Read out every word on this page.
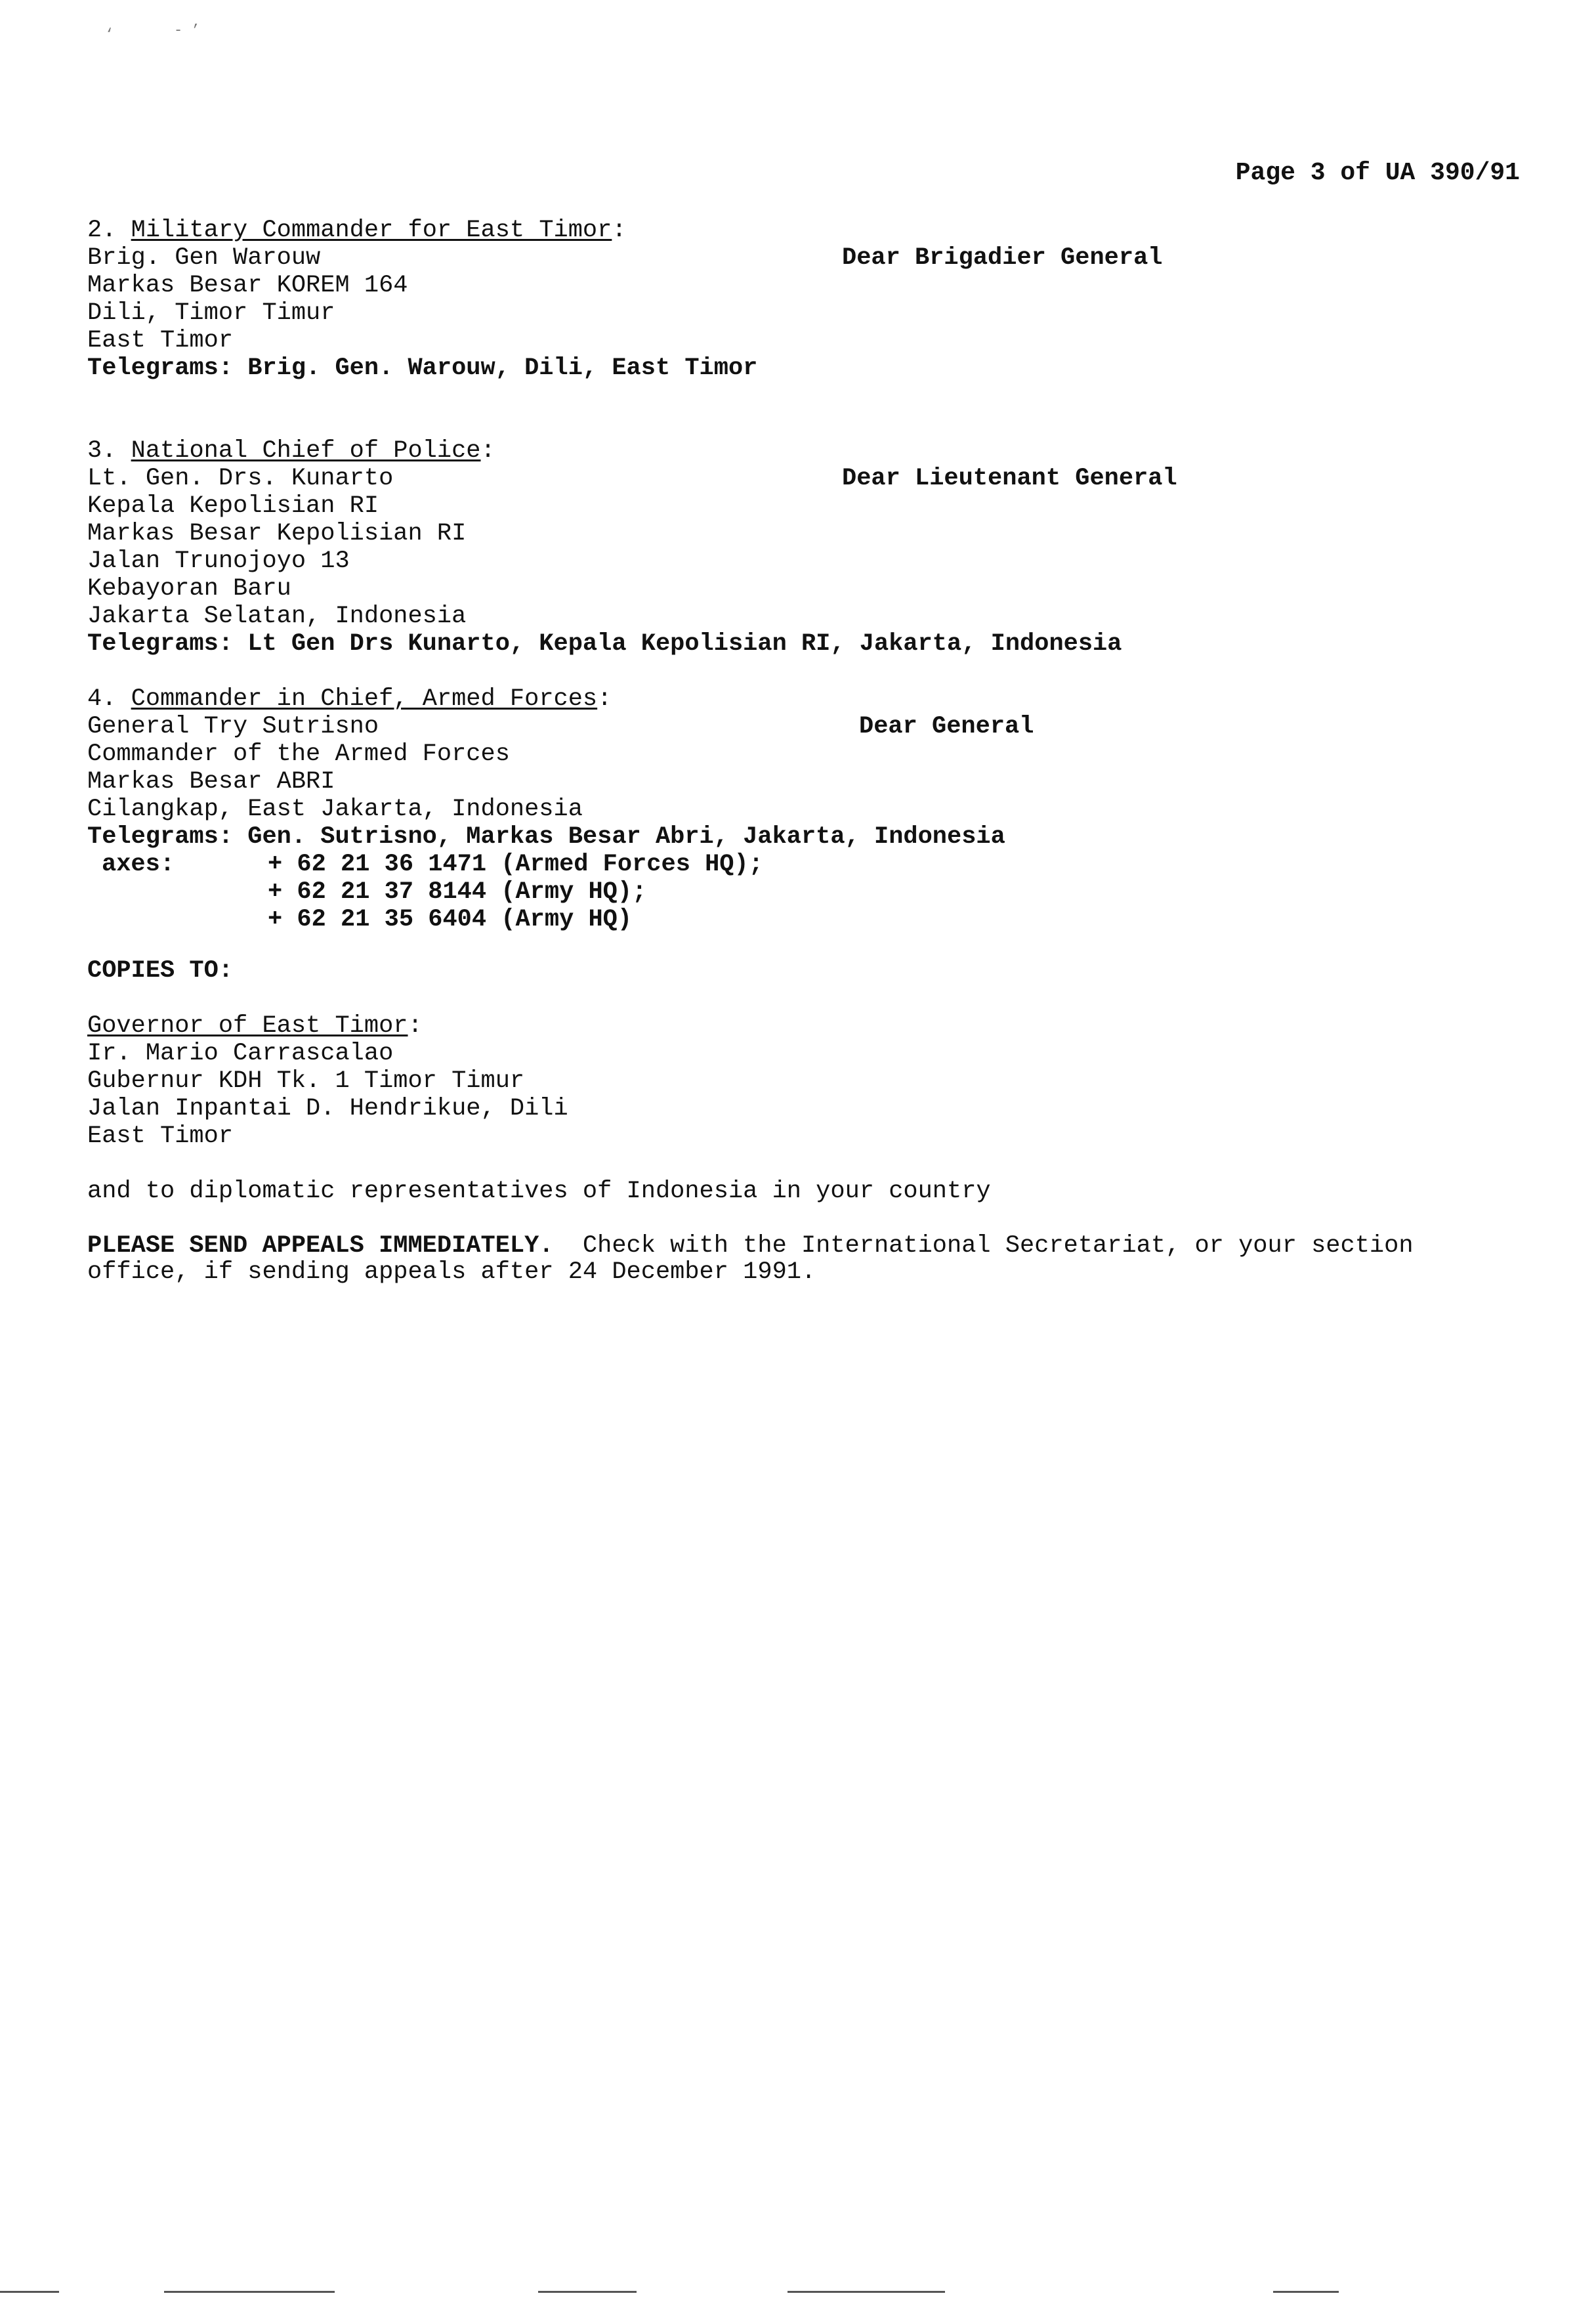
‘	- ’
Page 3 of UA 390/91
2. Military Commander for East Timor:
Brig. Gen Warouw	Dear Brigadier General
Markas Besar KOREM 164
Dili, Timor Timur
East Timor
Telegrams: Brig. Gen. Warouw, Dili, East Timor
3. National Chief of Police:
Lt. Gen. Drs. Kunarto	Dear Lieutenant General
Kepala Kepolisian RI
Markas Besar Kepolisian RI
Jalan Trunojoyo 13
Kebayoran Baru
Jakarta Selatan, Indonesia
Telegrams: Lt Gen Drs Kunarto, Kepala Kepolisian RI, Jakarta, Indonesia
4. Commander in Chief, Armed Forces:
General Try Sutrisno	Dear General
Commander of the Armed Forces
Markas Besar ABRI
Cilangkap, East Jakarta, Indonesia
Telegrams: Gen. Sutrisno, Markas Besar Abri, Jakarta, Indonesia
axes:	+ 62 21 36 1471 (Armed Forces HQ);
+ 62 21 37 8144 (Army HQ);
+ 62 21 35 6404 (Army HQ)
COPIES TO:
Governor of East Timor:
Ir. Mario Carrascalao
Gubernur KDH Tk. 1 Timor Timur
Jalan Inpantai D. Hendrikue, Dili
East Timor
and to diplomatic representatives of Indonesia in your country
PLEASE SEND APPEALS IMMEDIATELY.  Check with the International Secretariat, or your section office, if sending appeals after 24 December 1991.
